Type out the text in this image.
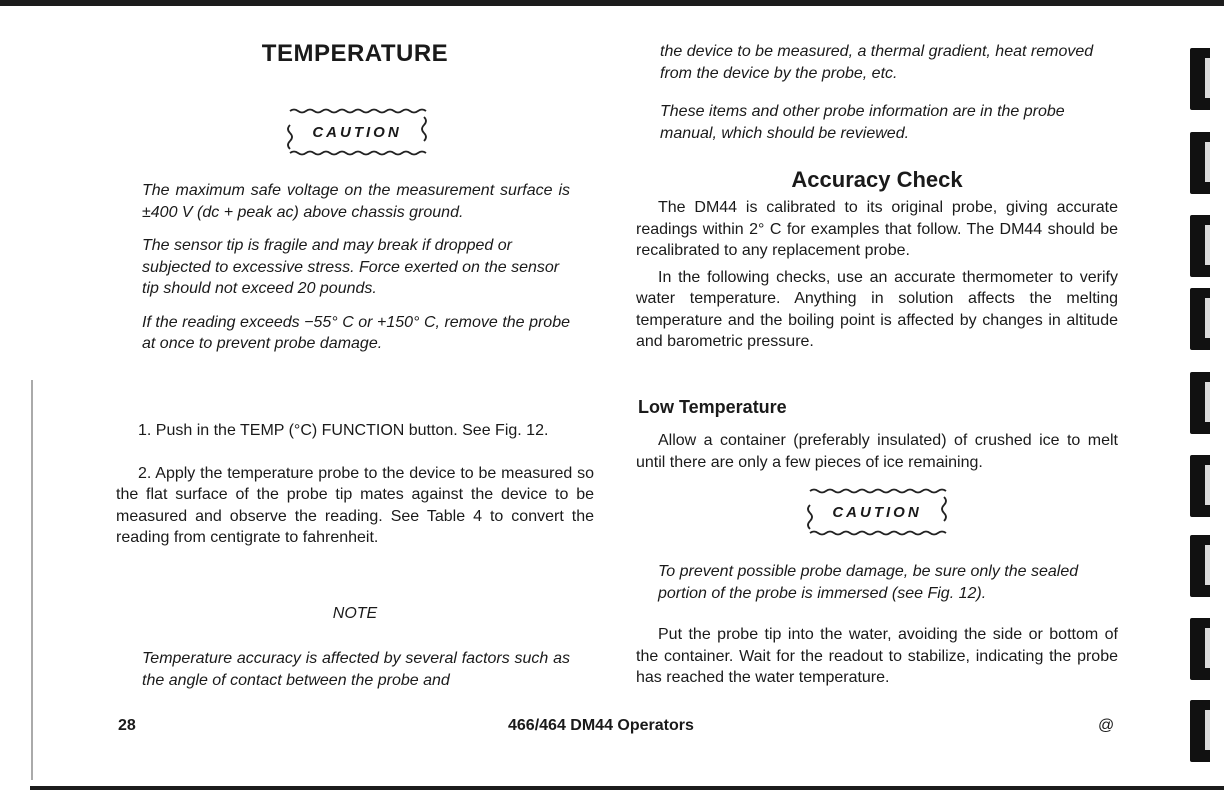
TEMPERATURE
CAUTION

The maximum safe voltage on the measurement surface is ±400 V (dc + peak ac) above chassis ground.

The sensor tip is fragile and may break if dropped or subjected to excessive stress. Force exerted on the sensor tip should not exceed 20 pounds.

If the reading exceeds −55° C or +150° C, remove the probe at once to prevent probe damage.

1. Push in the TEMP (°C) FUNCTION button. See Fig. 12.

2. Apply the temperature probe to the device to be measured so the flat surface of the probe tip mates against the device to be measured and observe the reading. See Table 4 to convert the reading from centigrate to fahrenheit.

NOTE

Temperature accuracy is affected by several factors such as the angle of contact between the probe and

the device to be measured, a thermal gradient, heat removed from the device by the probe, etc.

These items and other probe information are in the probe manual, which should be reviewed.

Accuracy Check

The DM44 is calibrated to its original probe, giving accurate readings within 2° C for examples that follow. The DM44 should be recalibrated to any replacement probe.

In the following checks, use an accurate thermometer to verify water temperature. Anything in solution affects the melting temperature and the boiling point is affected by changes in altitude and barometric pressure.

Low Temperature

Allow a container (preferably insulated) of crushed ice to melt until there are only a few pieces of ice remaining.

CAUTION

To prevent possible probe damage, be sure only the sealed portion of the probe is immersed (see Fig. 12).

Put the probe tip into the water, avoiding the side or bottom of the container. Wait for the readout to stabilize, indicating the probe has reached the water temperature.

28	466/464 DM44 Operators	@
